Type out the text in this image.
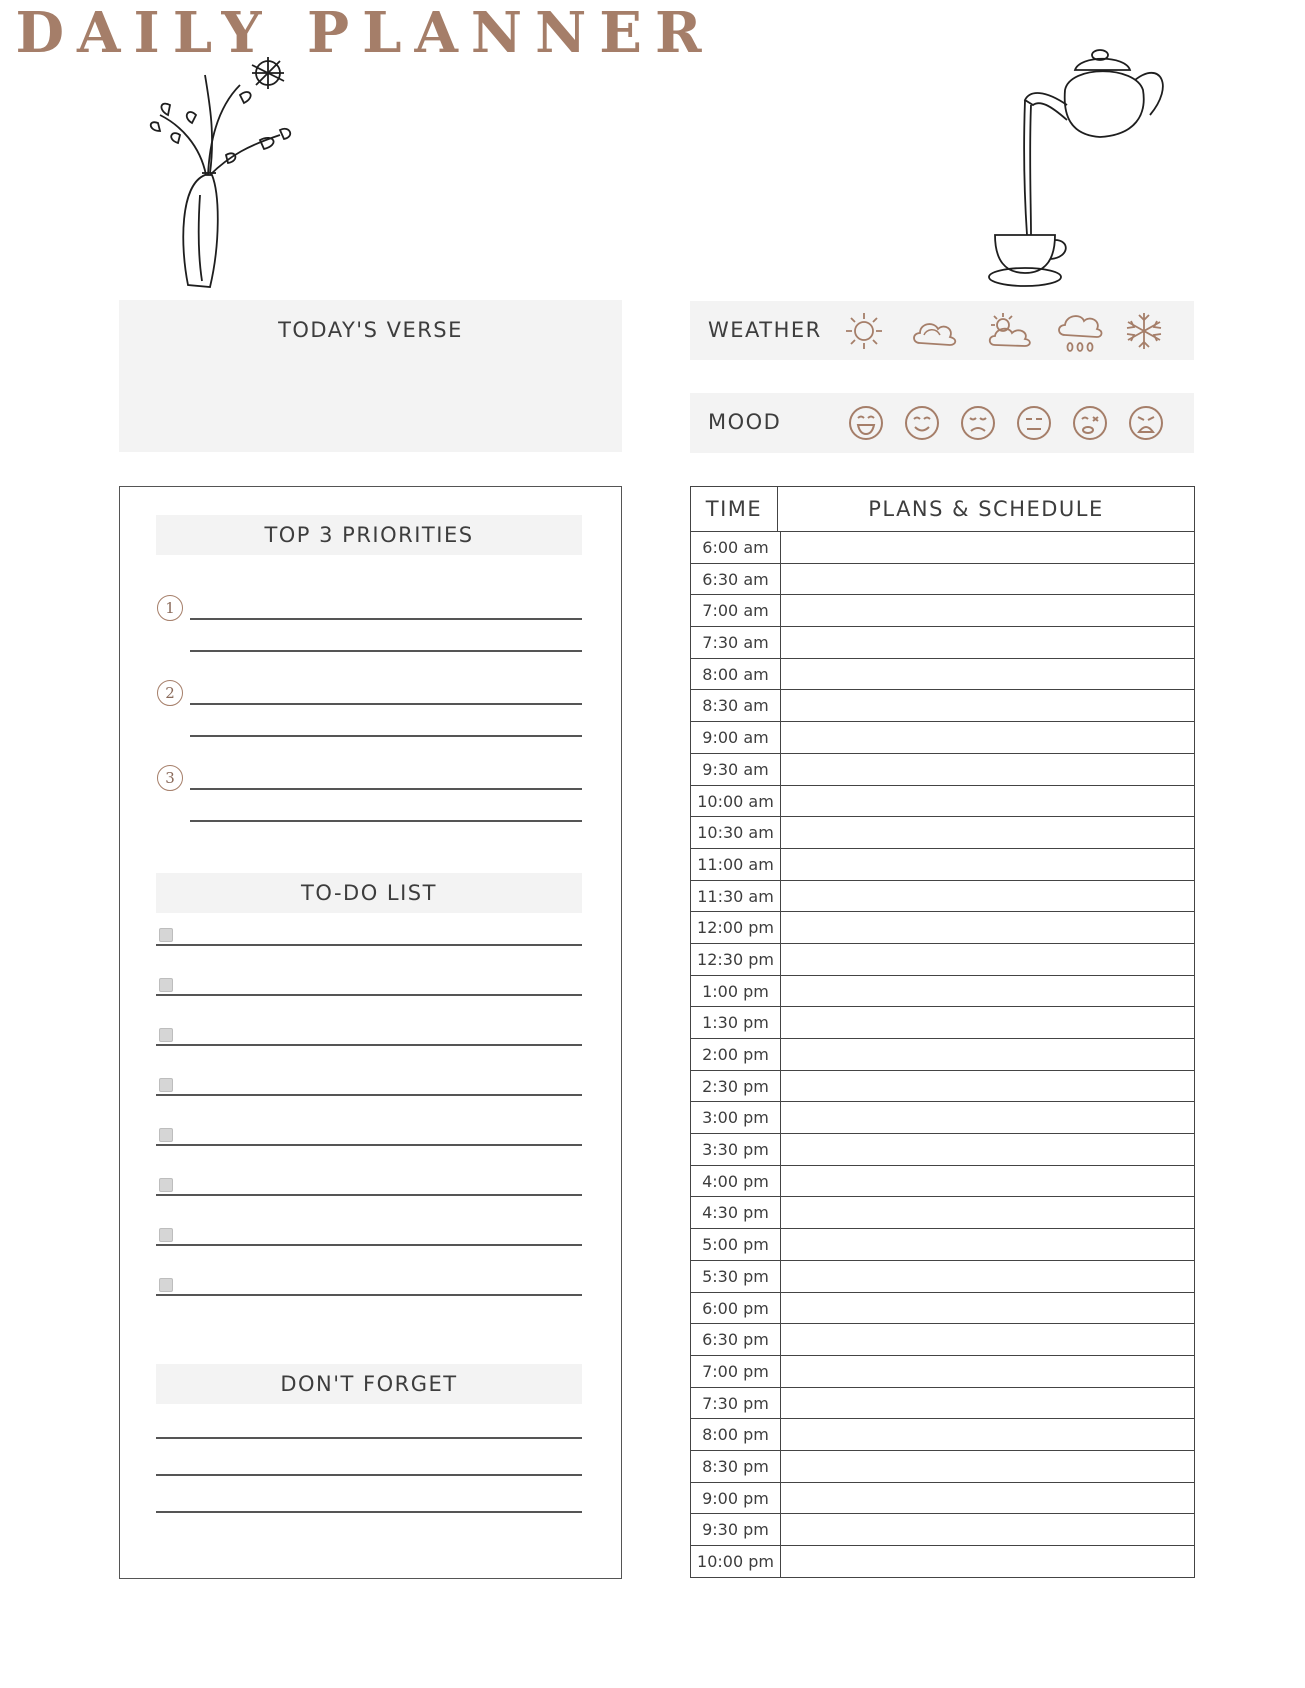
DAILY PLANNER
TODAY'S VERSE	WEATHER
MOOD
TOP 3 PRIORITIES
1
2
3
TO-DO LIST
DON'T FORGET
TIME	PLANS & SCHEDULE
6:00 am
6:30 am
7:00 am
7:30 am
8:00 am
8:30 am
9:00 am
9:30 am
10:00 am
10:30 am
11:00 am
11:30 am
12:00 pm
12:30 pm
1:00 pm
1:30 pm
2:00 pm
2:30 pm
3:00 pm
3:30 pm
4:00 pm
4:30 pm
5:00 pm
5:30 pm
6:00 pm
6:30 pm
7:00 pm
7:30 pm
8:00 pm
8:30 pm
9:00 pm
9:30 pm
10:00 pm
